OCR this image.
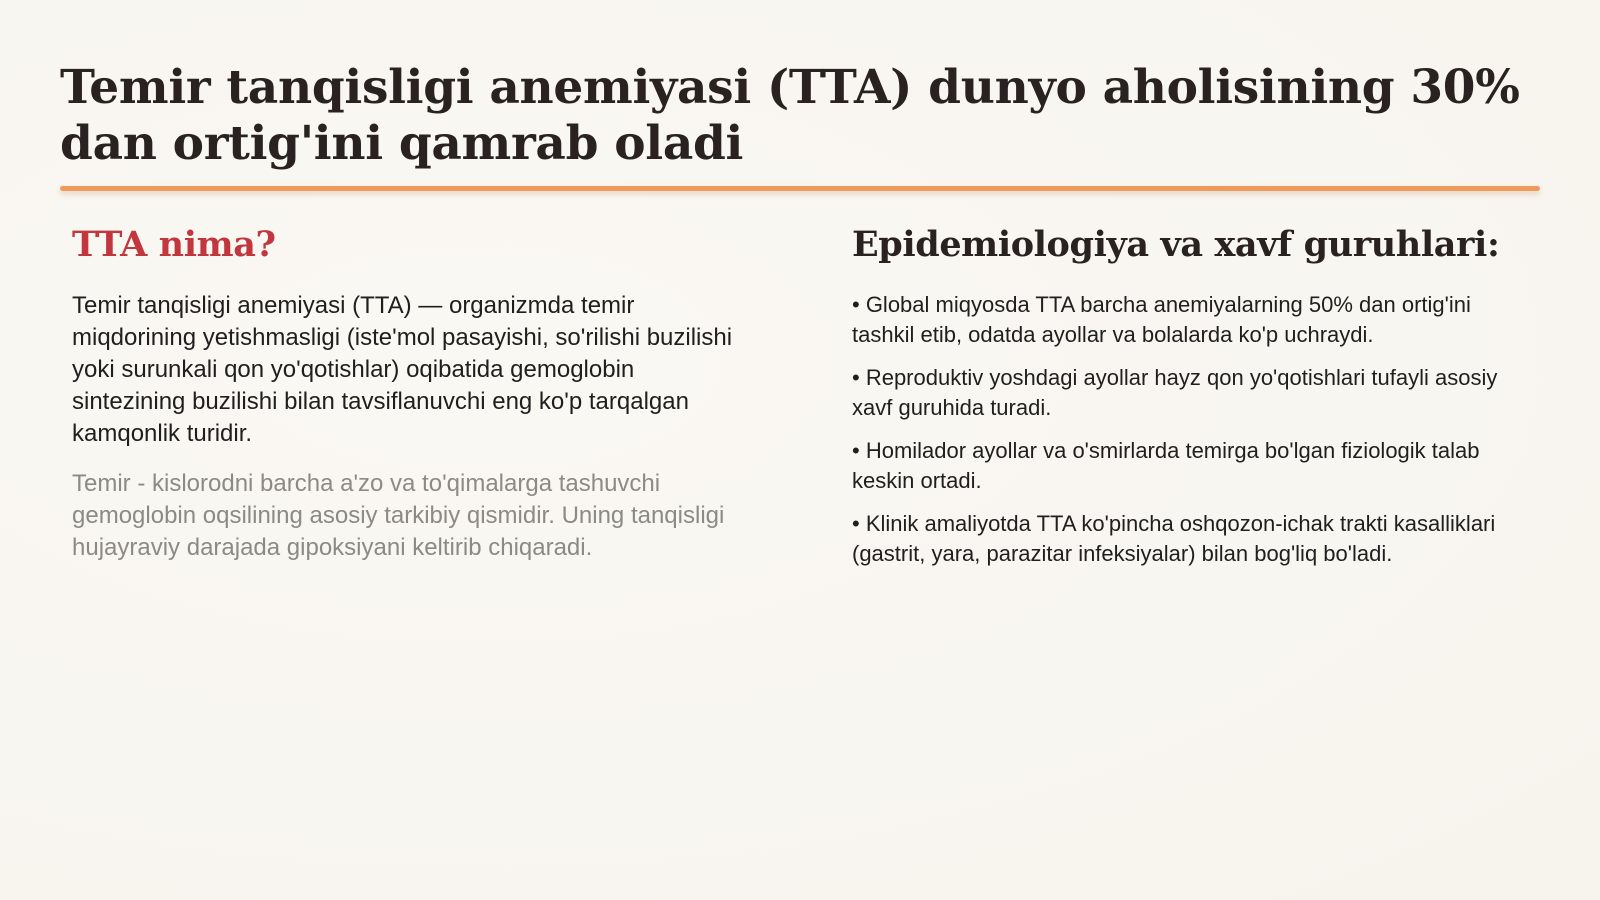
Temir tanqisligi anemiyasi (TTA) dunyo aholisining 30% dan ortig'ini qamrab oladi
TTA nima?

Temir tanqisligi anemiyasi (TTA) — organizmda temir miqdorining yetishmasligi (iste'mol pasayishi, so'rilishi buzilishi yoki surunkali qon yo'qotishlar) oqibatida gemoglobin sintezining buzilishi bilan tavsiflanuvchi eng ko'p tarqalgan kamqonlik turidir.

Temir - kislorodni barcha a'zo va to'qimalarga tashuvchi gemoglobin oqsilining asosiy tarkibiy qismidir. Uning tanqisligi hujayraviy darajada gipoksiyani keltirib chiqaradi.

Epidemiologiya va xavf guruhlari:
• Global miqyosda TTA barcha anemiyalarning 50% dan ortig'ini tashkil etib, odatda ayollar va bolalarda ko'p uchraydi.
• Reproduktiv yoshdagi ayollar hayz qon yo'qotishlari tufayli asosiy xavf guruhida turadi.
• Homilador ayollar va o'smirlarda temirga bo'lgan fiziologik talab keskin ortadi.
• Klinik amaliyotda TTA ko'pincha oshqozon-ichak trakti kasalliklari (gastrit, yara, parazitar infeksiyalar) bilan bog'liq bo'ladi.
